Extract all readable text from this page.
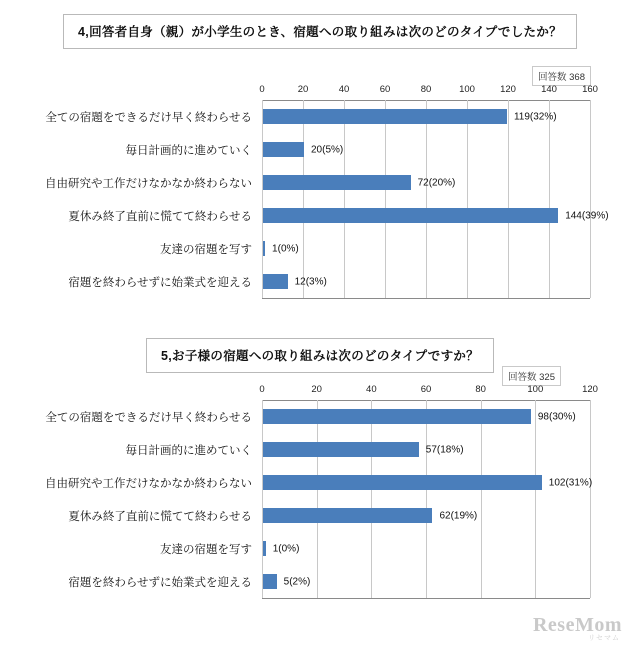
4,回答者自身（親）が小学生のとき、宿題への取り組みは次のどのタイプでしたか？
回答数 368
0	20	40	60	80	100	120	140	160
全ての宿題をできるだけ早く終わらせる	119(32%)
毎日計画的に進めていく	20(5%)
自由研究や工作だけなかなか終わらない	72(20%)
夏休み終了直前に慌てて終わらせる	144(39%)
友達の宿題を写す 1(0%)
宿題を終わらせずに始業式を迎える	12(3%)
5,お子様の宿題への取り組みは次のどのタイプですか？
回答数 325
0	20	40	60	80	100	120
全ての宿題をできるだけ早く終わらせる	98(30%)
毎日計画的に進めていく	57(18%)
自由研究や工作だけなかなか終わらない	102(31%)
夏休み終了直前に慌てて終わらせる	62(19%)
友達の宿題を写す 1(0%)
宿題を終わらせずに始業式を迎える	5(2%)
ReseMom
リセマム
